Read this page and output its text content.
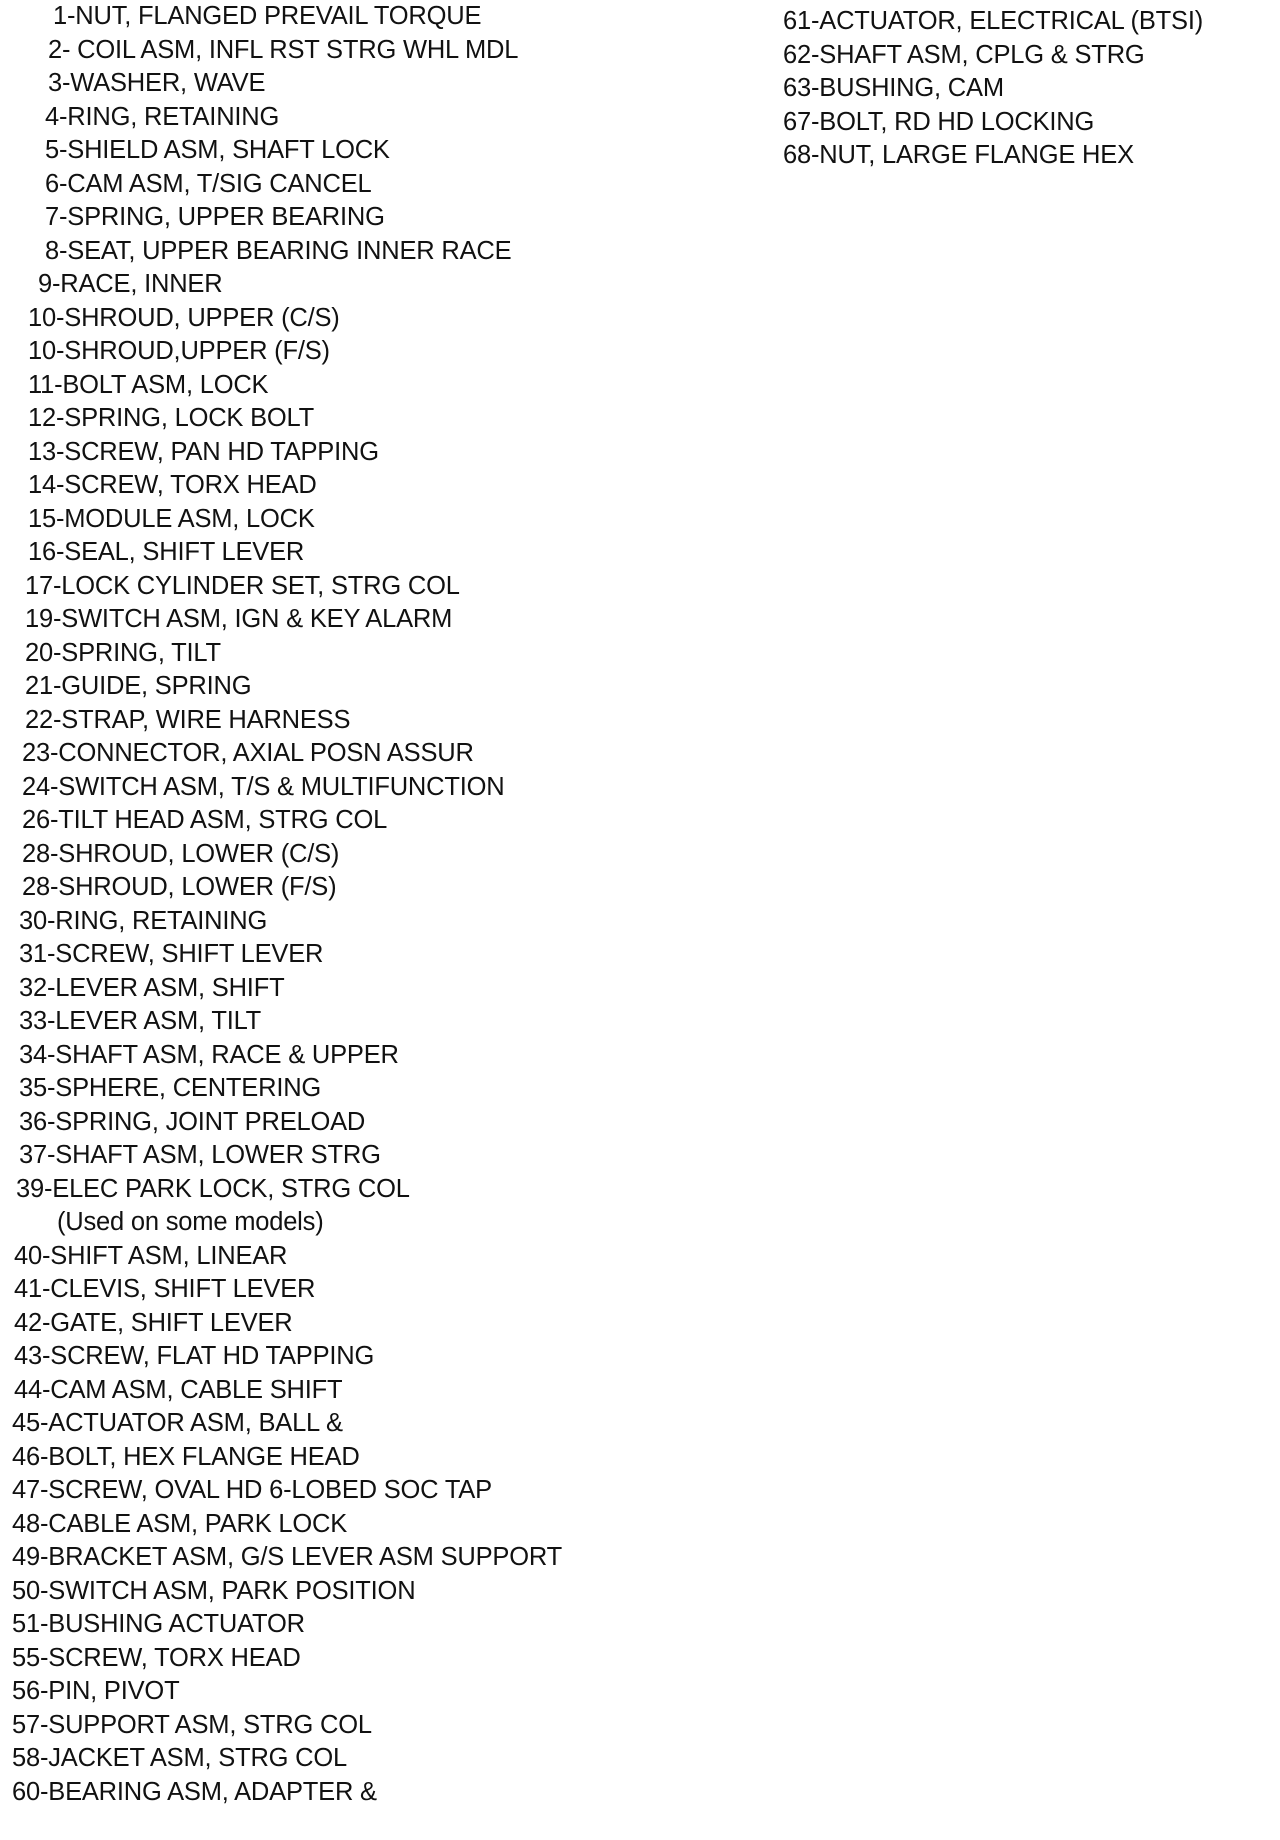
1-NUT, FLANGED PREVAIL TORQUE
2- COIL ASM, INFL RST STRG WHL MDL
3-WASHER, WAVE
4-RING, RETAINING
5-SHIELD ASM, SHAFT LOCK
6-CAM ASM, T/SIG CANCEL
7-SPRING, UPPER BEARING
8-SEAT, UPPER BEARING INNER RACE
9-RACE, INNER
10-SHROUD, UPPER (C/S)
10-SHROUD,UPPER (F/S)
11-BOLT ASM, LOCK
12-SPRING, LOCK BOLT
13-SCREW, PAN HD TAPPING
14-SCREW, TORX HEAD
15-MODULE ASM, LOCK
16-SEAL, SHIFT LEVER
17-LOCK CYLINDER SET, STRG COL
19-SWITCH ASM, IGN & KEY ALARM
20-SPRING, TILT
21-GUIDE, SPRING
22-STRAP, WIRE HARNESS
23-CONNECTOR, AXIAL POSN ASSUR
24-SWITCH ASM, T/S & MULTIFUNCTION
26-TILT HEAD ASM, STRG COL
28-SHROUD, LOWER (C/S)
28-SHROUD, LOWER (F/S)
30-RING, RETAINING
31-SCREW, SHIFT LEVER
32-LEVER ASM, SHIFT
33-LEVER ASM, TILT
34-SHAFT ASM, RACE & UPPER
35-SPHERE, CENTERING
36-SPRING, JOINT PRELOAD
37-SHAFT ASM, LOWER STRG
39-ELEC PARK LOCK, STRG COL
(Used on some models)
40-SHIFT ASM, LINEAR
41-CLEVIS, SHIFT LEVER
42-GATE, SHIFT LEVER
43-SCREW, FLAT HD TAPPING
44-CAM ASM, CABLE SHIFT
45-ACTUATOR ASM, BALL &
46-BOLT, HEX FLANGE HEAD
47-SCREW, OVAL HD 6-LOBED SOC TAP
48-CABLE ASM, PARK LOCK
49-BRACKET ASM, G/S LEVER ASM SUPPORT
50-SWITCH ASM, PARK POSITION
51-BUSHING ACTUATOR
55-SCREW, TORX HEAD
56-PIN, PIVOT
57-SUPPORT ASM, STRG COL
58-JACKET ASM, STRG COL
60-BEARING ASM, ADAPTER &
61-ACTUATOR, ELECTRICAL (BTSI)
62-SHAFT ASM, CPLG & STRG
63-BUSHING, CAM
67-BOLT, RD HD LOCKING
68-NUT, LARGE FLANGE HEX
